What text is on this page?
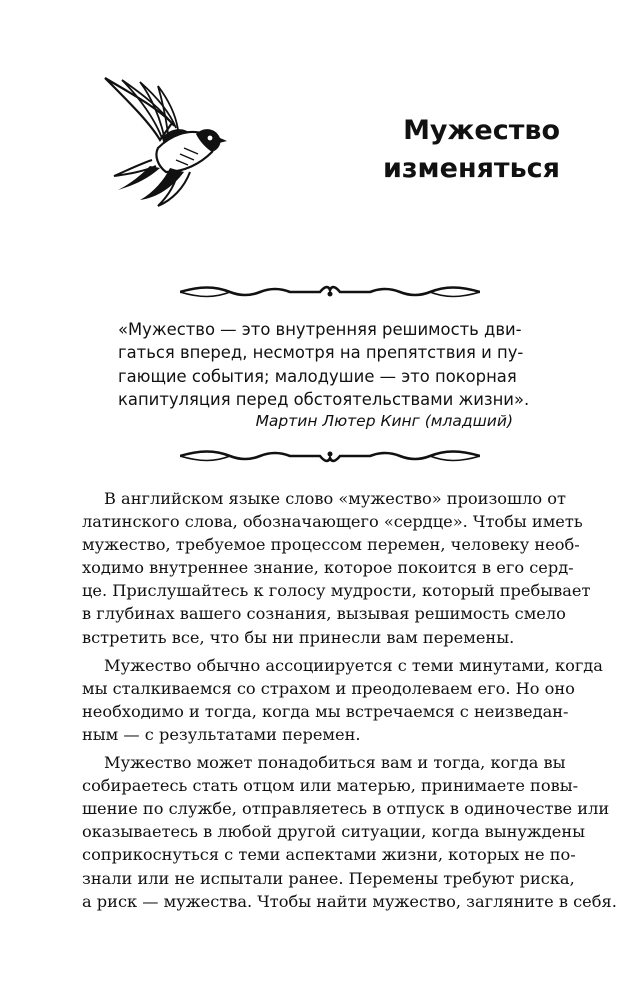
Мужество
изменяться
«Мужество — это внутренняя решимость дви-
гаться вперед, несмотря на препятствия и пу-
гающие события; малодушие — это покорная
капитуляция перед обстоятельствами жизни».
Мартин Лютер Кинг (младший)
В английском языке слово «мужество» произошло от
латинского слова, обозначающего «сердце». Чтобы иметь
мужество, требуемое процессом перемен, человеку необ-
ходимо внутреннее знание, которое покоится в его серд-
це. Прислушайтесь к голосу мудрости, который пребывает
в глубинах вашего сознания, вызывая решимость смело
встретить все, что бы ни принесли вам перемены.
Мужество обычно ассоциируется с теми минутами, когда
мы сталкиваемся со страхом и преодолеваем его. Но оно
необходимо и тогда, когда мы встречаемся с неизведан-
ным — с результатами перемен.
Мужество может понадобиться вам и тогда, когда вы
собираетесь стать отцом или матерью, принимаете повы-
шение по службе, отправляетесь в отпуск в одиночестве или
оказываетесь в любой другой ситуации, когда вынуждены
соприкоснуться с теми аспектами жизни, которых не по-
знали или не испытали ранее. Перемены требуют риска,
а риск — мужества. Чтобы найти мужество, загляните в себя.
